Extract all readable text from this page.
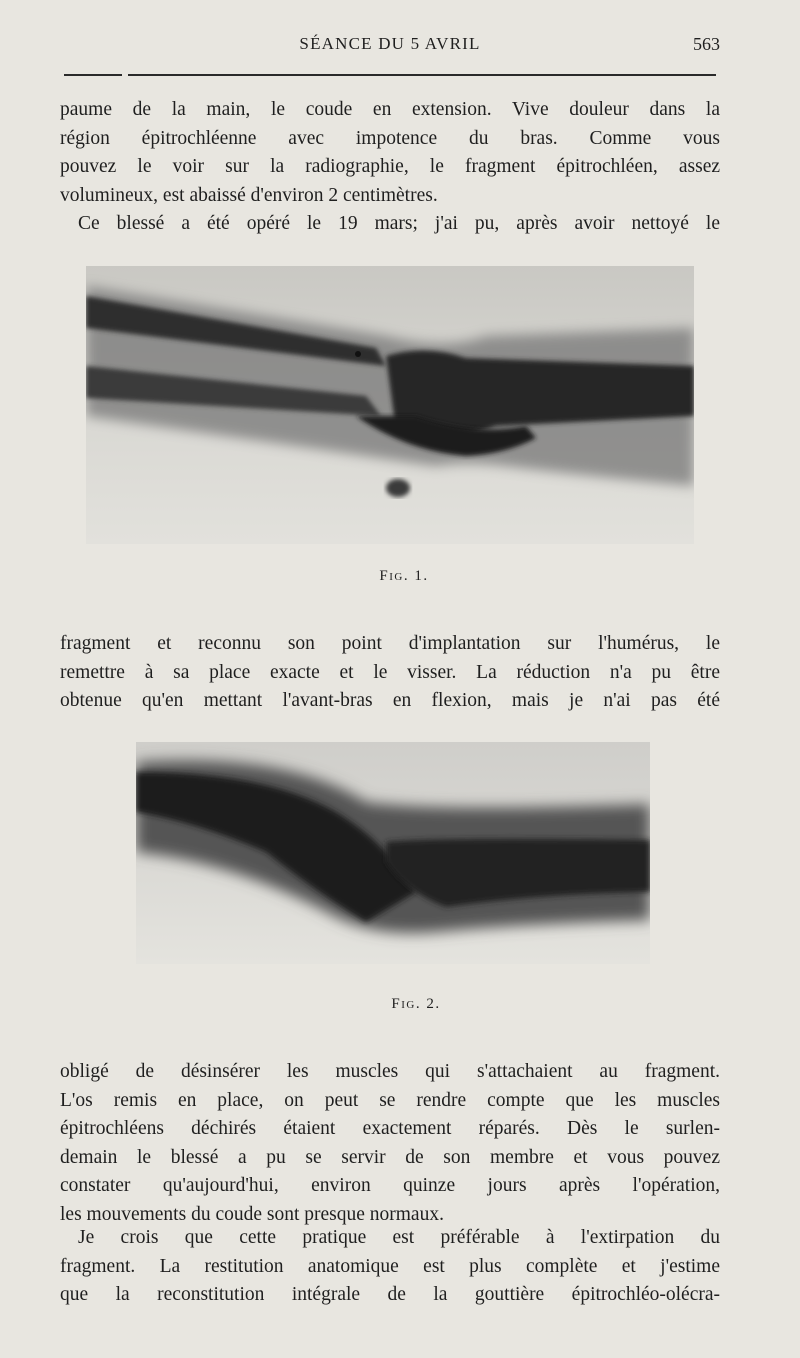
SÉANCE DU 5 AVRIL	563
paume de la main, le coude en extension. Vive douleur dans la
région épitrochléenne avec impotence du bras. Comme vous
pouvez le voir sur la radiographie, le fragment épitrochléen, assez
volumineux, est abaissé d'environ 2 centimètres.
Ce blessé a été opéré le 19 mars; j'ai pu, après avoir nettoyé le
Fig. 1.
fragment et reconnu son point d'implantation sur l'humérus, le
remettre à sa place exacte et le visser. La réduction n'a pu être
obtenue qu'en mettant l'avant-bras en flexion, mais je n'ai pas été
Fig. 2.
obligé de désinsérer les muscles qui s'attachaient au fragment.
L'os remis en place, on peut se rendre compte que les muscles
épitrochléens déchirés étaient exactement réparés. Dès le surlen-
demain le blessé a pu se servir de son membre et vous pouvez
constater qu'aujourd'hui, environ quinze jours après l'opération,
les mouvements du coude sont presque normaux.
Je crois que cette pratique est préférable à l'extirpation du
fragment. La restitution anatomique est plus complète et j'estime
que la reconstitution intégrale de la gouttière épitrochléo-olécra-
